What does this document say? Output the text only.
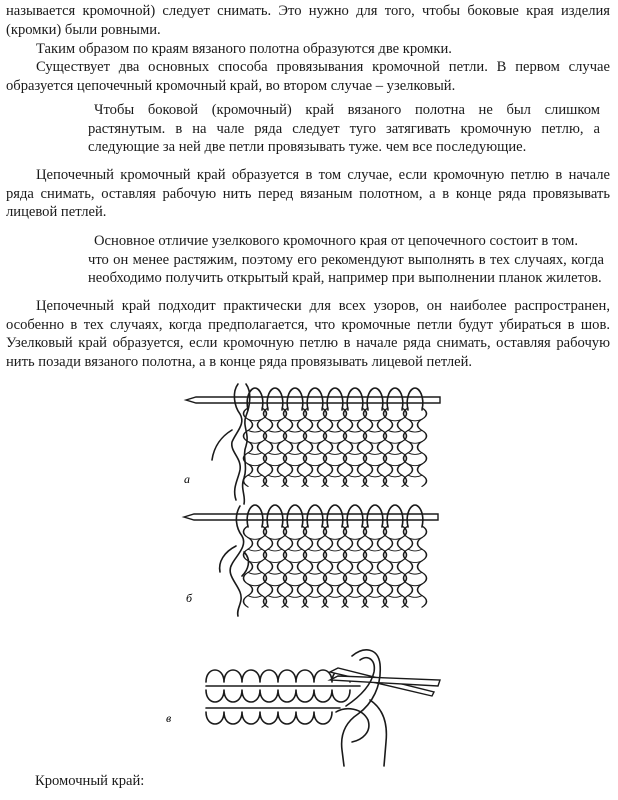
называется кромочной) следует снимать. Это нужно для того, чтобы боковые края изделия (кромки) были ровными.

Таким образом по краям вязаного полотна образуются две кромки.

Существует два основных способа провязывания кромочной петли. В первом случае образуется цепочечный кромочный край, во втором случае – узелковый.

Чтобы боковой (кромочный) край вязаного полотна не был слишком растянутым. в на чале ряда следует туго затягивать кромочную петлю, а следующие за ней две петли провязывать туже. чем все последующие.

Цепочечный кромочный край образуется в том случае, если кромочную петлю в начале ряда снимать, оставляя рабочую нить перед вязаным полотном, а в конце ряда провязывать лицевой петлей.

Основное отличие узелкового кромочного края от цепочечного состоит в том.

что он менее растяжим, поэтому его рекомендуют выполнять в тех случаях, когда необходимо получить открытый край, например при выполнении планок жилетов.

Цепочечный край подходит практически для всех узоров, он наиболее распространен, особенно в тех случаях, когда предполагается, что кромочные петли будут убираться в шов. Узелковый край образуется, если кромочную петлю в начале ряда снимать, оставляя рабочую нить позади вязаного полотна, а в конце ряда провязывать лицевой петлей.

а
б
в
Кромочный край:
